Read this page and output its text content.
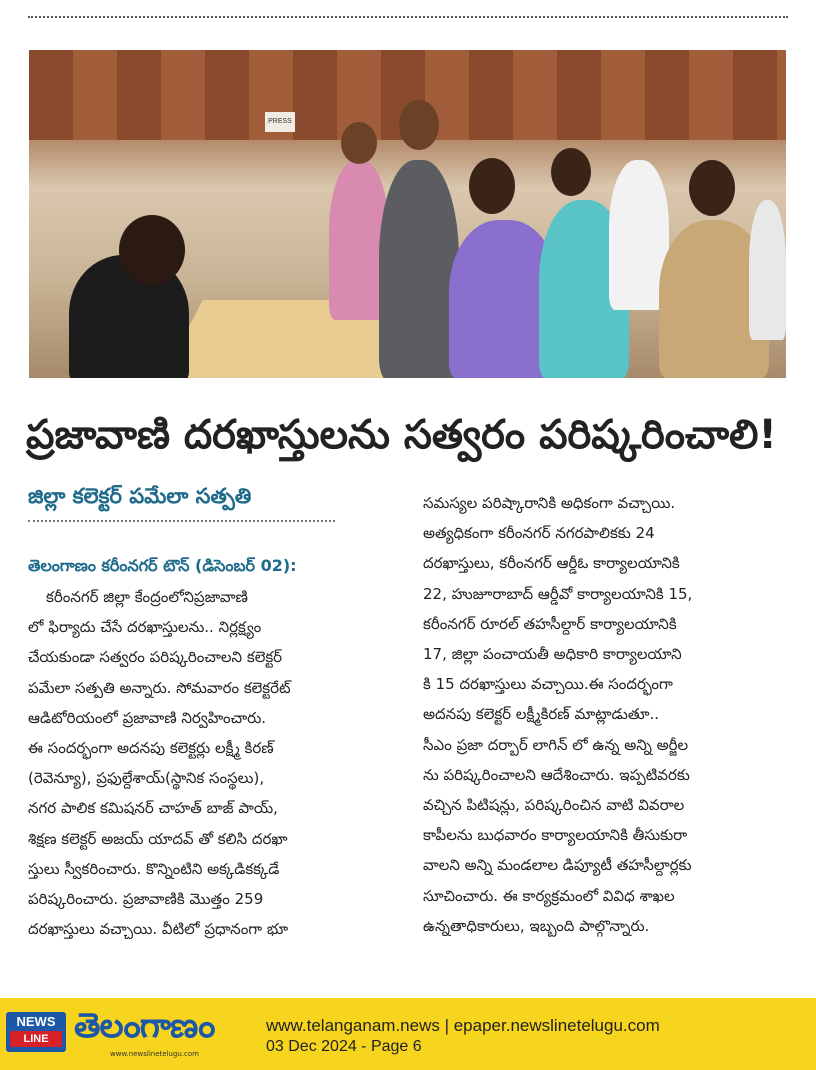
PRESS
ప్రజావాణి దరఖాస్తులను సత్వరం పరిష్కరించాలి!
జిల్లా కలెక్టర్ పమేలా సత్పతి
తెలంగాణం కరీంనగర్ టౌన్ (డిసెంబర్ 02):
కరీంనగర్ జిల్లా కేంద్రంలోనిప్రజావాణి
లో ఫిర్యాదు చేసే దరఖాస్తులను.. నిర్లక్ష్యం
చేయకుండా సత్వరం పరిష్కరించాలని కలెక్టర్
పమేలా సత్పతి అన్నారు. సోమవారం కలెక్టరేట్
ఆడిటోరియంలో ప్రజావాణి నిర్వహించారు.
ఈ సందర్భంగా అదనపు కలెక్టర్లు లక్ష్మీ కిరణ్
(రెవెన్యూ), ప్రఫుల్దేశాయ్(స్థానిక సంస్థలు),
నగర పాలిక కమిషనర్ చాహత్ బాజ్ పాయ్,
శిక్షణ కలెక్టర్ అజయ్ యాదవ్ తో కలిసి దరఖా
స్తులు స్వీకరించారు. కొన్నింటిని అక్కడికక్కడే
పరిష్కరించారు. ప్రజావాణికి మొత్తం 259
దరఖాస్తులు వచ్చాయి. వీటిలో ప్రధానంగా భూ
సమస్యల పరిష్కారానికి అధికంగా వచ్చాయి.
అత్యధికంగా కరీంనగర్ నగరపాలికకు 24
దరఖాస్తులు, కరీంనగర్ ఆర్డీఓ కార్యాలయానికి
22, హుజూరాబాద్ ఆర్డీవో కార్యాలయానికి 15,
కరీంనగర్ రూరల్ తహసీల్దార్ కార్యాలయానికి
17, జిల్లా పంచాయతీ అధికారి కార్యాలయాని
కి 15 దరఖాస్తులు వచ్చాయి.ఈ సందర్భంగా
అదనపు కలెక్టర్ లక్ష్మీకిరణ్ మాట్లాడుతూ..
సీఎం ప్రజా దర్బార్ లాగిన్ లో ఉన్న అన్ని అర్జీల
ను పరిష్కరించాలని ఆదేశించారు. ఇప్పటివరకు
వచ్చిన పిటిషన్లు, పరిష్కరించిన వాటి వివరాల
కాపీలను బుధవారం కార్యాలయానికి తీసుకురా
వాలని అన్ని మండలాల డిప్యూటీ తహసీల్దార్లకు
సూచించారు. ఈ కార్యక్రమంలో వివిధ శాఖల
ఉన్నతాధికారులు, ఇబ్బంది పాల్గొన్నారు.
NEWS
LINE తెలంగాణం
www.newslinetelugu.com
www.telanganam.news | epaper.newslinetelugu.com
03 Dec 2024 - Page 6
